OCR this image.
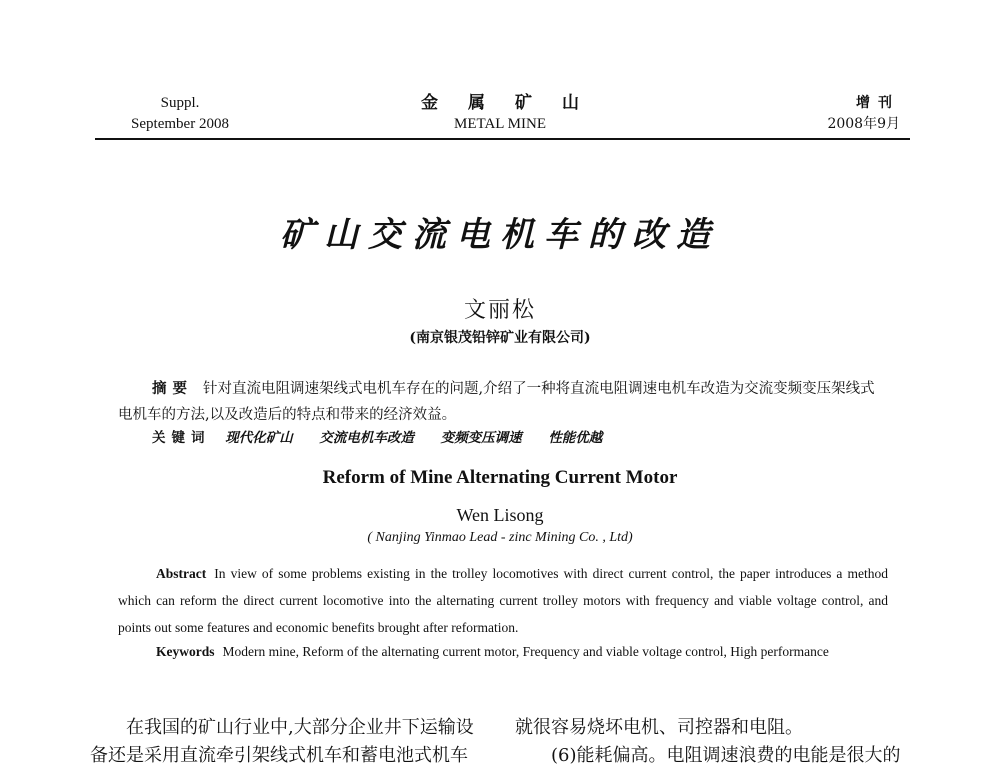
Suppl.
September 2008
金属矿山
METAL MINE
增刊
2008年9月
矿山交流电机车的改造
文丽松
(南京银茂铅锌矿业有限公司)
摘要 针对直流电阻调速架线式电机车存在的问题,介绍了一种将直流电阻调速电机车改造为交流变频变压架线式电机车的方法,以及改造后的特点和带来的经济效益。
关键词 现代化矿山 交流电机车改造 变频变压调速 性能优越
Reform of Mine Alternating Current Motor
Wen Lisong
( Nanjing Yinmao Lead - zinc Mining Co. , Ltd)
Abstract In view of some problems existing in the trolley locomotives with direct current control, the paper introduces a method which can reform the direct current locomotive into the alternating current trolley motors with frequency and viable voltage control, and points out some features and economic benefits brought after reformation.
Keywords Modern mine, Reform of the alternating current motor, Frequency and viable voltage control, High performance
在我国的矿山行业中,大部分企业井下运输设备还是采用直流牵引架线式机车和蓄电池式机车
就很容易烧坏电机、司控器和电阻。
(6)能耗偏高。电阻调速浪费的电能是很大的
